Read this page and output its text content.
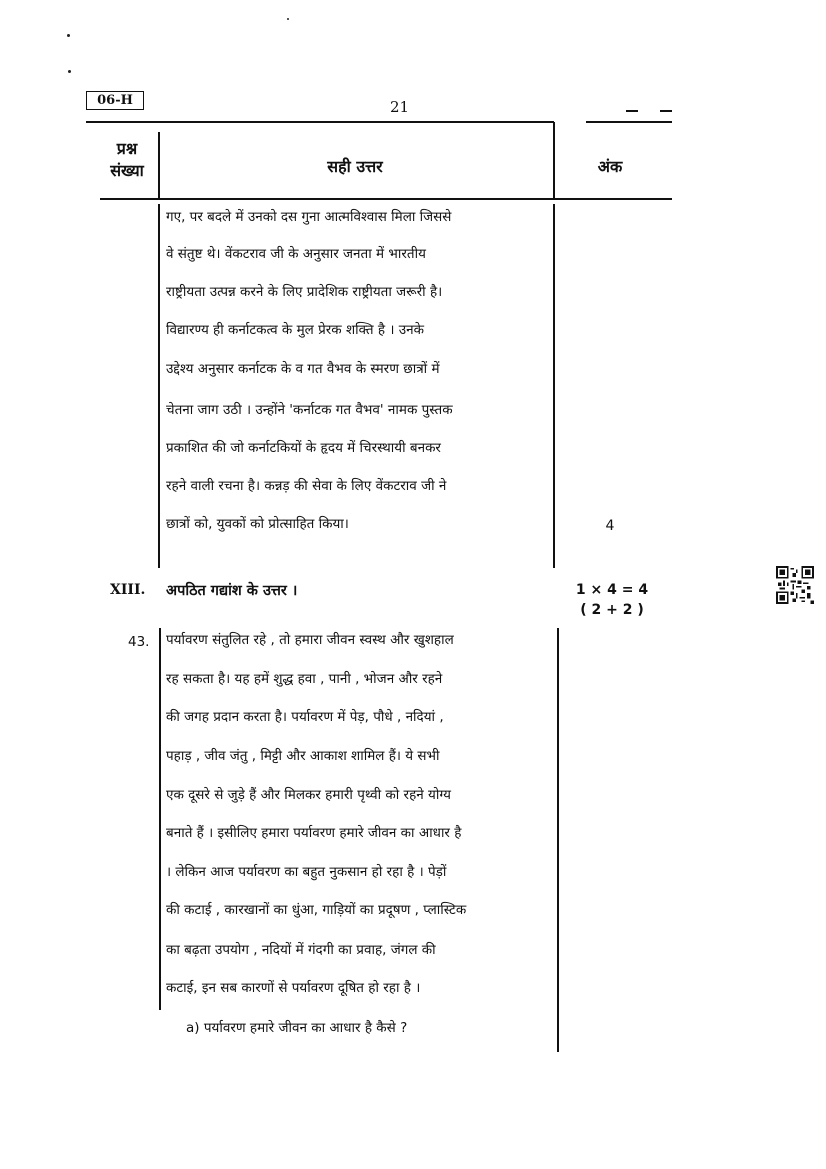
06-H	21
प्रश्न
संख्या	सही उत्तर	अंक
गए, पर बदले में उनको दस गुना आत्मविश्वास मिला जिससे
वे संतुष्ट थे। वेंकटराव जी के अनुसार जनता में भारतीय
राष्ट्रीयता उत्पन्न करने के लिए प्रादेशिक राष्ट्रीयता जरूरी है।
विद्यारण्य ही कर्नाटकत्व के मुल प्रेरक शक्ति है । उनके
उद्देश्य अनुसार कर्नाटक के व गत वैभव के स्मरण छात्रों में
चेतना जाग उठी । उन्होंने 'कर्नाटक गत वैभव' नामक पुस्तक
प्रकाशित की जो कर्नाटकियों के हृदय में चिरस्थायी बनकर
रहने वाली रचना है। कन्नड़ की सेवा के लिए वेंकटराव जी ने
छात्रों को, युवकों को प्रोत्साहित किया।	4
XIII. अपठित गद्यांश के उत्तर ।	1 × 4 = 4
( 2 + 2 )
43. पर्यावरण संतुलित रहे , तो हमारा जीवन स्वस्थ और खुशहाल
रह सकता है। यह हमें शुद्ध हवा , पानी , भोजन और रहने
की जगह प्रदान करता है। पर्यावरण में पेड़, पौधे , नदियां ,
पहाड़ , जीव जंतु , मिट्टी और आकाश शामिल हैं। ये सभी
एक दूसरे से जुड़े हैं और मिलकर हमारी पृथ्वी को रहने योग्य
बनाते हैं । इसीलिए हमारा पर्यावरण हमारे जीवन का आधार है
। लेकिन आज पर्यावरण का बहुत नुकसान हो रहा है । पेड़ों
की कटाई , कारखानों का धुंआ, गाड़ियों का प्रदूषण , प्लास्टिक
का बढ़ता उपयोग , नदियों में गंदगी का प्रवाह, जंगल की
कटाई, इन सब कारणों से पर्यावरण दूषित हो रहा है ।
a) पर्यावरण हमारे जीवन का आधार है कैसे ?
